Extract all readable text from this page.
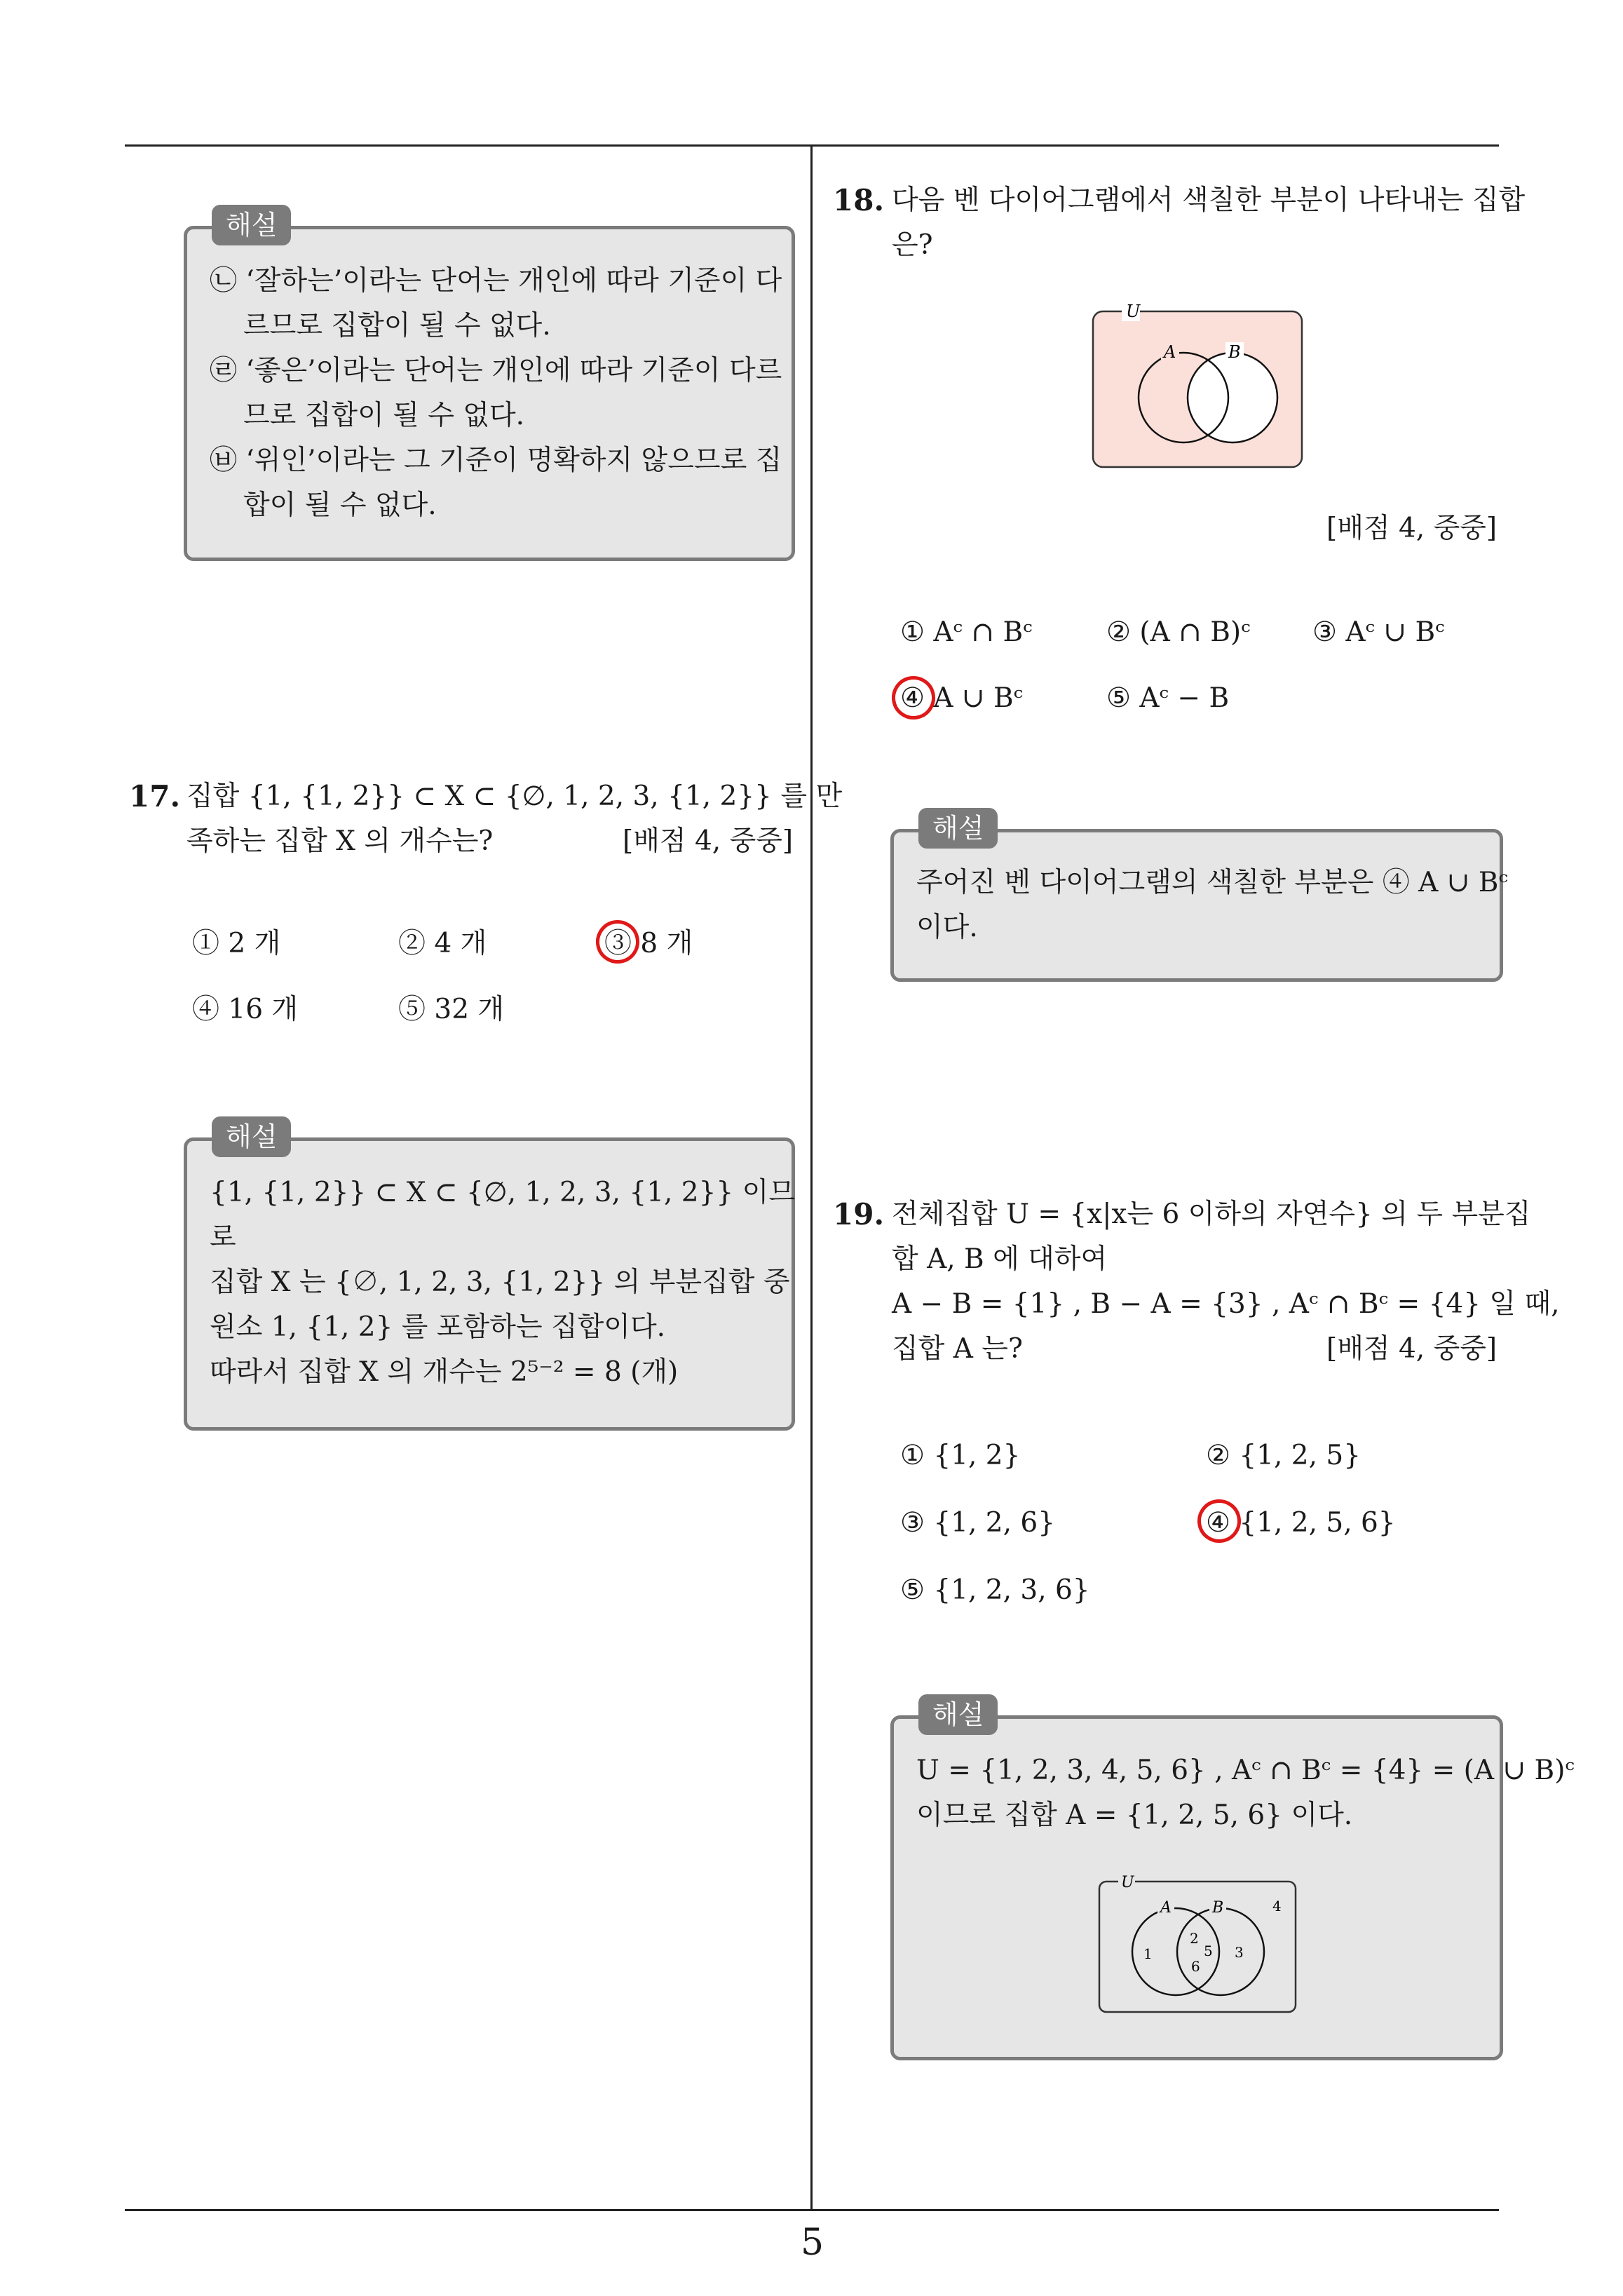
㉡ ‘잘하는’이라는 단어는 개인에 따라 기준이 다
르므로 집합이 될 수 없다.
㉣ ‘좋은’이라는 단어는 개인에 따라 기준이 다르
므로 집합이 될 수 없다.
㉥ ‘위인’이라는 그 기준이 명확하지 않으므로 집
합이 될 수 없다.
해설
17. 집합 {1, {1, 2}} ⊂ X ⊂ {∅, 1, 2, 3, {1, 2}} 를 만
족하는 집합 X 의 개수는?	[배점 4, 중중]
① 2 개	② 4 개	③ 8 개
④ 16 개	⑤ 32 개
{1, {1, 2}} ⊂ X ⊂ {∅, 1, 2, 3, {1, 2}} 이므
로
집합 X 는 {∅, 1, 2, 3, {1, 2}} 의 부분집합 중
원소 1, {1, 2} 를 포함하는 집합이다.
따라서 집합 X 의 개수는 2⁵⁻² = 8 (개)
해설
18. 다음 벤 다이어그램에서 색칠한 부분이 나타내는 집합
은?
U
A	B
[배점 4, 중중]
① Aᶜ ∩ Bᶜ	② (A ∩ B)ᶜ ③ Aᶜ ∪ Bᶜ
④ A ∪ Bᶜ	⑤ Aᶜ − B
주어진 벤 다이어그램의 색칠한 부분은 ④ A ∪ Bᶜ
이다.
해설
19. 전체집합 U = {x|x는 6 이하의 자연수} 의 두 부분집
합 A, B 에 대하여
A − B = {1} , B − A = {3} , Aᶜ ∩ Bᶜ = {4} 일 때,
집합 A 는?	[배점 4, 중중]
① {1, 2}	② {1, 2, 5}
③ {1, 2, 6}	④ {1, 2, 5, 6}
⑤ {1, 2, 3, 6}
U = {1, 2, 3, 4, 5, 6} , Aᶜ ∩ Bᶜ = {4} = (A ∪ B)ᶜ
이므로 집합 A = {1, 2, 5, 6} 이다.
U
A	B
1
2
5
6
3
4
해설
5
